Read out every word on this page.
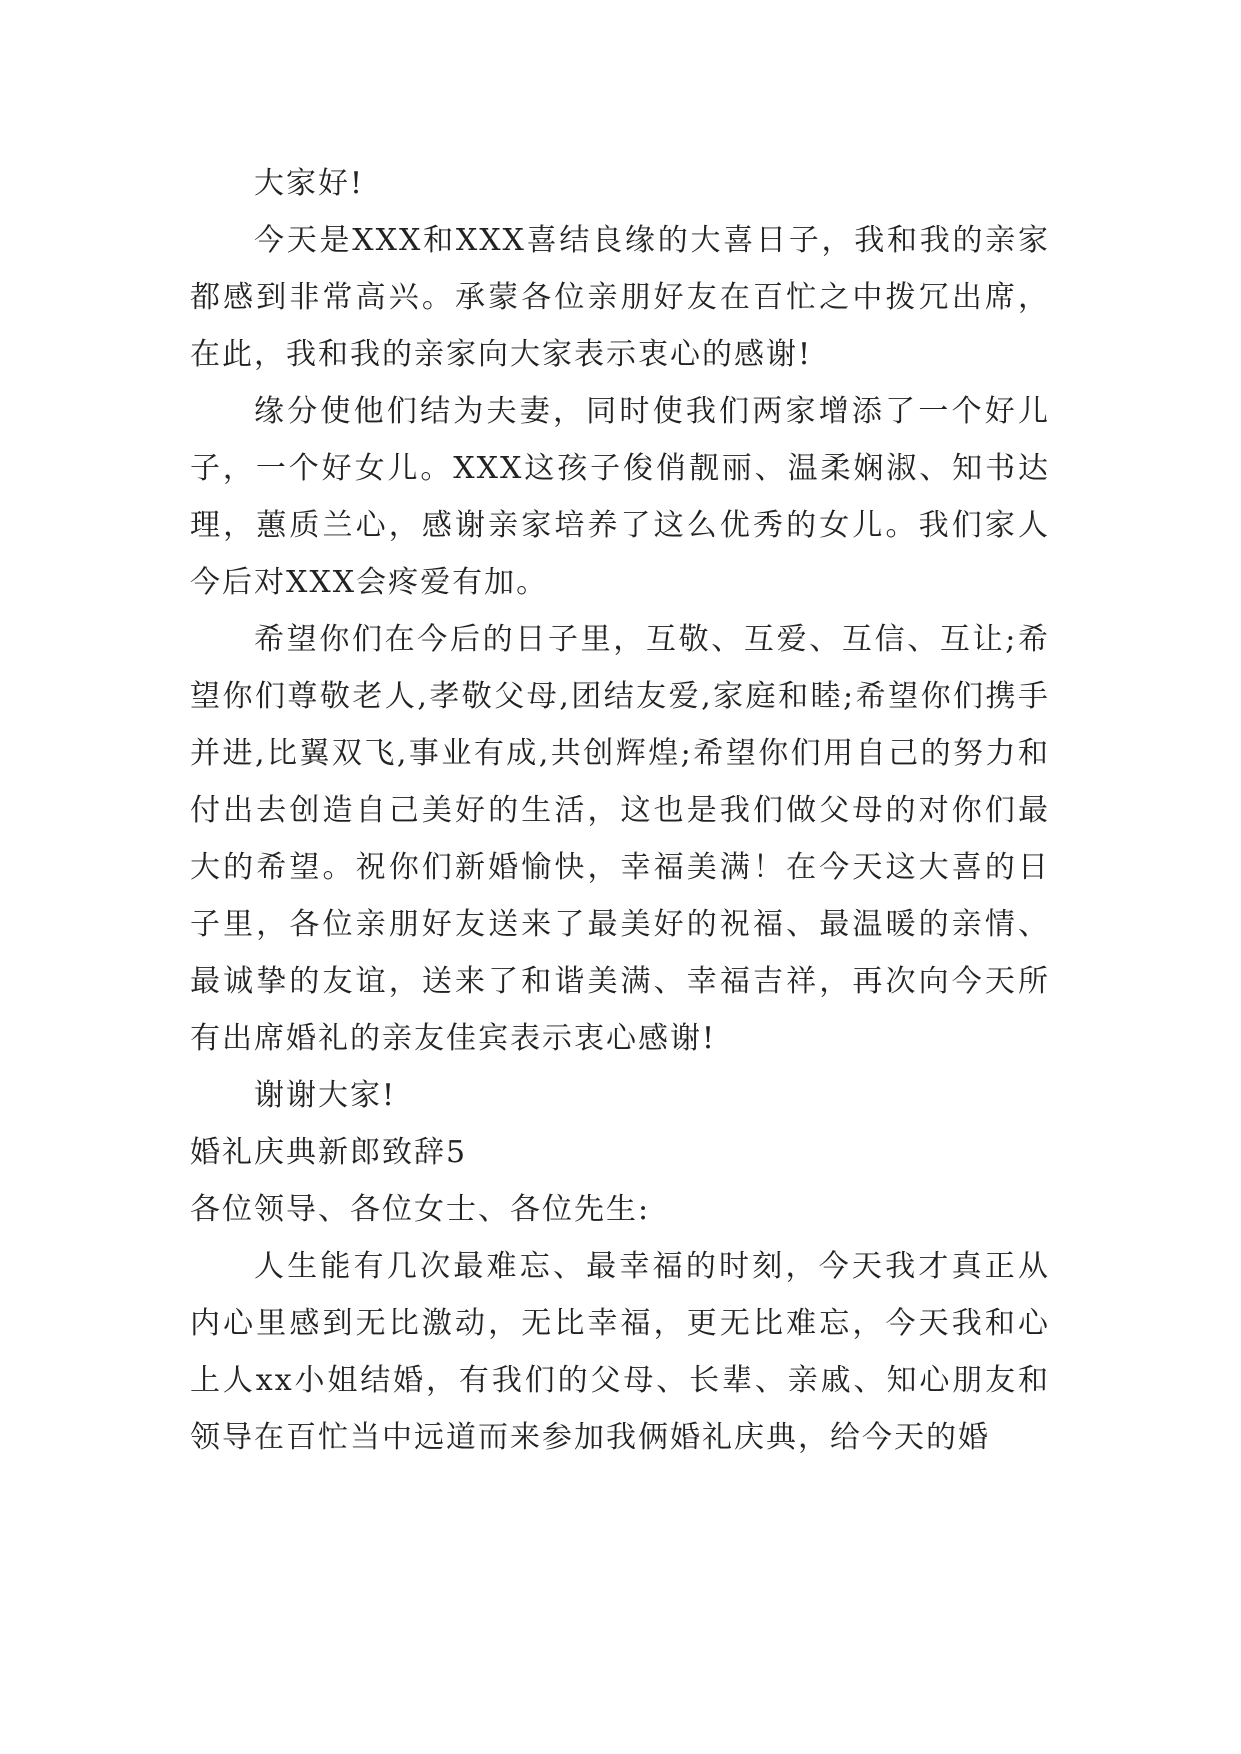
大家好!

今天是XXX和XXX喜结良缘的大喜日子，我和我的亲家都感到非常高兴。承蒙各位亲朋好友在百忙之中拨冗出席，在此，我和我的亲家向大家表示衷心的感谢!

缘分使他们结为夫妻，同时使我们两家增添了一个好儿子，一个好女儿。XXX这孩子俊俏靓丽、温柔娴淑、知书达理，蕙质兰心，感谢亲家培养了这么优秀的女儿。我们家人今后对XXX会疼爱有加。

希望你们在今后的日子里，互敬、互爱、互信、互让;希望你们尊敬老人,孝敬父母,团结友爱,家庭和睦;希望你们携手并进,比翼双飞,事业有成,共创辉煌;希望你们用自己的努力和付出去创造自己美好的生活，这也是我们做父母的对你们最大的希望。祝你们新婚愉快，幸福美满！在今天这大喜的日子里，各位亲朋好友送来了最美好的祝福、最温暖的亲情、最诚挚的友谊，送来了和谐美满、幸福吉祥，再次向今天所有出席婚礼的亲友佳宾表示衷心感谢!

谢谢大家!

婚礼庆典新郎致辞5

各位领导、各位女士、各位先生:

人生能有几次最难忘、最幸福的时刻，今天我才真正从内心里感到无比激动，无比幸福，更无比难忘，今天我和心上人xx小姐结婚，有我们的父母、长辈、亲戚、知心朋友和领导在百忙当中远道而来参加我俩婚礼庆典，给今天的婚
